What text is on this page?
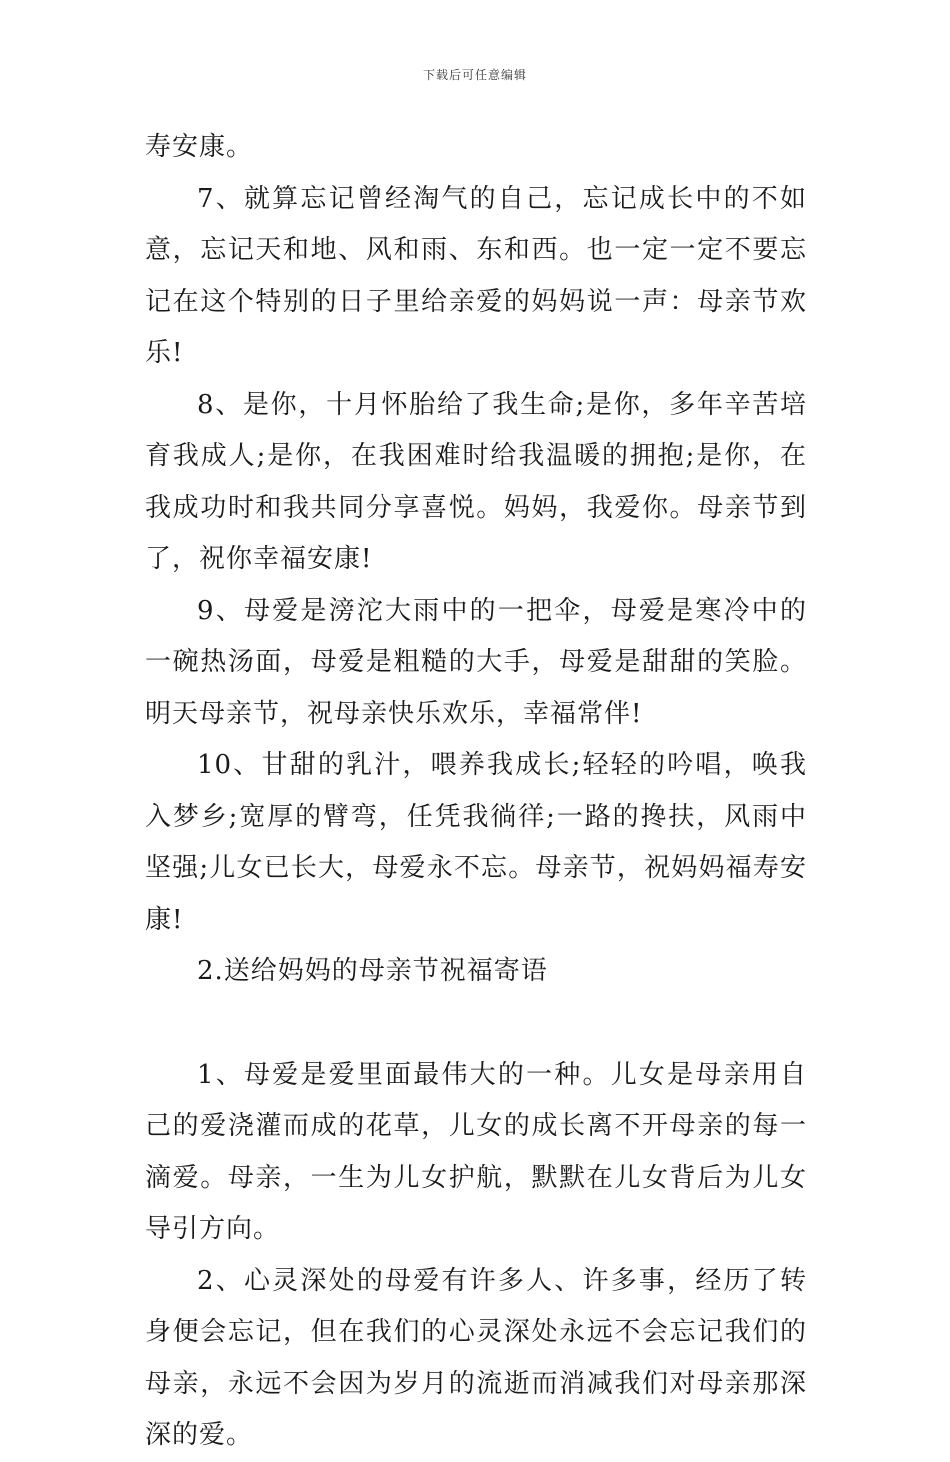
下载后可任意编辑

寿安康。

7、就算忘记曾经淘气的自己，忘记成长中的不如意，忘记天和地、风和雨、东和西。也一定一定不要忘记在这个特别的日子里给亲爱的妈妈说一声：母亲节欢乐!

8、是你，十月怀胎给了我生命;是你，多年辛苦培育我成人;是你，在我困难时给我温暖的拥抱;是你，在我成功时和我共同分享喜悦。妈妈，我爱你。母亲节到了，祝你幸福安康!

9、母爱是滂沱大雨中的一把伞，母爱是寒冷中的一碗热汤面，母爱是粗糙的大手，母爱是甜甜的笑脸。明天母亲节，祝母亲快乐欢乐，幸福常伴!

10、甘甜的乳汁，喂养我成长;轻轻的吟唱，唤我入梦乡;宽厚的臂弯，任凭我徜徉;一路的搀扶，风雨中坚强;儿女已长大，母爱永不忘。母亲节，祝妈妈福寿安康!

2.送给妈妈的母亲节祝福寄语

1、母爱是爱里面最伟大的一种。儿女是母亲用自己的爱浇灌而成的花草，儿女的成长离不开母亲的每一滴爱。母亲，一生为儿女护航，默默在儿女背后为儿女导引方向。

2、心灵深处的母爱有许多人、许多事，经历了转身便会忘记，但在我们的心灵深处永远不会忘记我们的母亲，永远不会因为岁月的流逝而消减我们对母亲那深深的爱。
